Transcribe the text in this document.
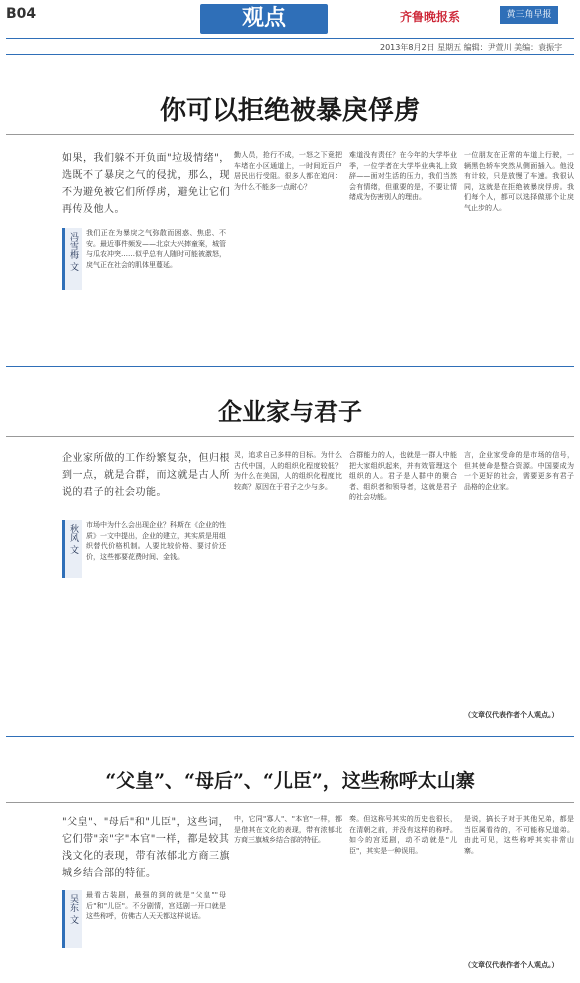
B04	观点	齐鲁晚报系	黄三角早报
2013年8月2日 星期五 编辑：尹萱川 美编：袁振宇
你可以拒绝被暴戾俘虏
如果，我们躲不开负面"垃圾情绪"，选既不了暴戾之气的侵扰，那么，现不为避免被它们所俘虏，避免让它们再传及他人。
冯雪梅 文	我们正在为暴戾之气弥散而困惑、焦虑、不安。最近事件频发——北京大兴摔童案，城管与瓜农冲突……似乎总有人随时可能被激怒，戾气正在社会的肌体里蔓延。
勤人员，抢行不成，一怒之下竟把车堵在小区通道上，一时间近百户居民出行受阻。很多人都在追问：为什么不能多一点耐心？
难道没有责任？在今年的大学毕业季，一位学者在大学毕业典礼上致辞——面对生活的压力，我们当然会有情绪，但重要的是，不要让情绪成为伤害别人的理由。
一位朋友在正常的车道上行驶，一辆黑色轿车突然从侧面插入。他没有计较，只是放慢了车速。我很认同，这就是在拒绝被暴戾俘虏。我们每个人，都可以选择做那个让戾气止步的人。
企业家与君子
企业家所做的工作纷繁复杂，但归根到一点，就是合群，而这就是古人所说的君子的社会功能。
秋风 文	市场中为什么会出现企业？科斯在《企业的性质》一文中提出，企业的建立，其实质是用组织替代价格机制。人要比较价格、要讨价还价，这些都要花费时间、金钱。
灵，追求自己多样的目标。为什么古代中国，人的组织化程度较低？为什么在美国，人的组织化程度比较高？原因在于君子之少与多。
合群能力的人，也就是一群人中能把大家组织起来，并有效管理这个组织的人。君子是人群中的聚合者、组织者和领导者，这就是君子的社会功能。
言，企业家受命的是市场的信号，但其使命是整合资源。中国要成为一个更好的社会，需要更多有君子品格的企业家。
（文章仅代表作者个人观点。）
“父皇”、“母后”、“儿臣”，这些称呼太山寨
"父皇"、"母后"和"儿臣"，这些词，它们带"亲"字"本官"一样，都是较其浅文化的表现，带有浓郁北方商三旗城乡结合部的特征。
吴东 文	最看古装剧，最强的到的就是"父皇""母后"和"儿臣"。不分剧情，宫廷剧一开口就是这些称呼，仿佛古人天天都这样说话。
中，它同"寡人"、"本官"一样，都是借其在文化的表现，带有浓郁北方商三旗城乡结合部的特征。
奏。但这称号其实的历史也很长，在清朝之前，并没有这样的称呼。如今的宫廷剧，动不动就是"儿臣"，其实是一种误用。
是说，搞长子对于其他兄弟，都是当臣属看待的，不可能称兄道弟。由此可见，这些称呼其实非常山寨。
（文章仅代表作者个人观点。）
